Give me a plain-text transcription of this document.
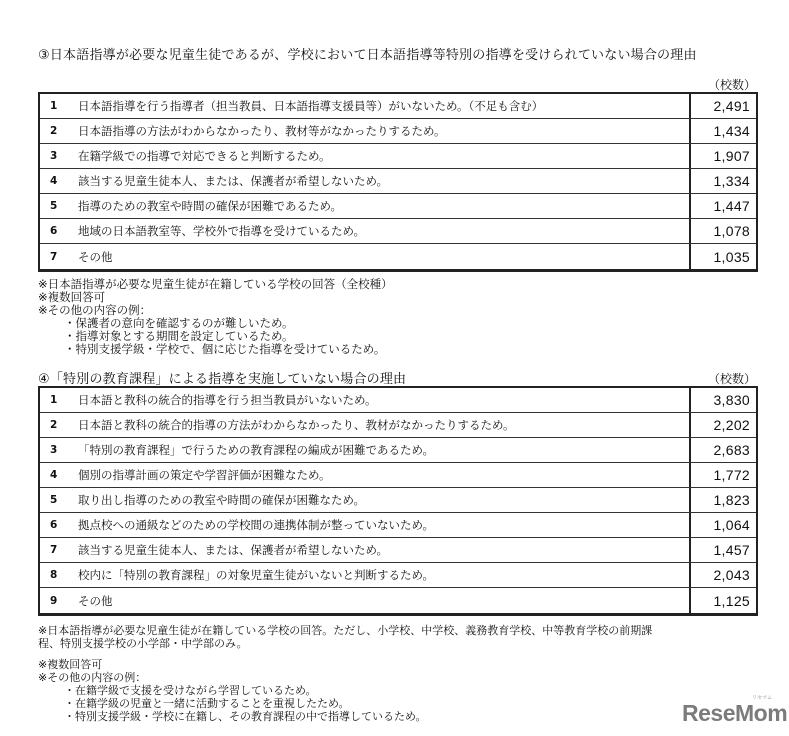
③日本語指導が必要な児童生徒であるが、学校において日本語指導等特別の指導を受けられていない場合の理由
（校数）
1	日本語指導を行う指導者（担当教員、日本語指導支援員等）がいないため。（不足も含む）	2,491
2	日本語指導の方法がわからなかったり、教材等がなかったりするため。	1,434
3	在籍学級での指導で対応できると判断するため。	1,907
4	該当する児童生徒本人、または、保護者が希望しないため。	1,334
5	指導のための教室や時間の確保が困難であるため。	1,447
6	地域の日本語教室等、学校外で指導を受けているため。	1,078
7	その他	1,035

※日本語指導が必要な児童生徒が在籍している学校の回答（全校種）

※複数回答可

※その他の内容の例：

・保護者の意向を確認するのが難しいため。

・指導対象とする期間を設定しているため。

・特別支援学級・学校で、個に応じた指導を受けているため。

④「特別の教育課程」による指導を実施していない場合の理由	（校数）
1	日本語と教科の統合的指導を行う担当教員がいないため。	3,830
2	日本語と教科の統合的指導の方法がわからなかったり、教材がなかったりするため。	2,202
3	「特別の教育課程」で行うための教育課程の編成が困難であるため。	2,683
4	個別の指導計画の策定や学習評価が困難なため。	1,772
5	取り出し指導のための教室や時間の確保が困難なため。	1,823
6	拠点校への通級などのための学校間の連携体制が整っていないため。	1,064
7	該当する児童生徒本人、または、保護者が希望しないため。	1,457
8	校内に「特別の教育課程」の対象児童生徒がいないと判断するため。	2,043
9	その他	1,125

※日本語指導が必要な児童生徒が在籍している学校の回答。ただし、小学校、中学校、義務教育学校、中等教育学校の前期課

程、特別支援学校の小学部・中学部のみ。

※複数回答可

※その他の内容の例：

・在籍学級で支援を受けながら学習しているため。

・在籍学級の児童と一緒に活動することを重視したため。

・特別支援学級・学校に在籍し、その教育課程の中で指導しているため。

リセマム
ReseMom
